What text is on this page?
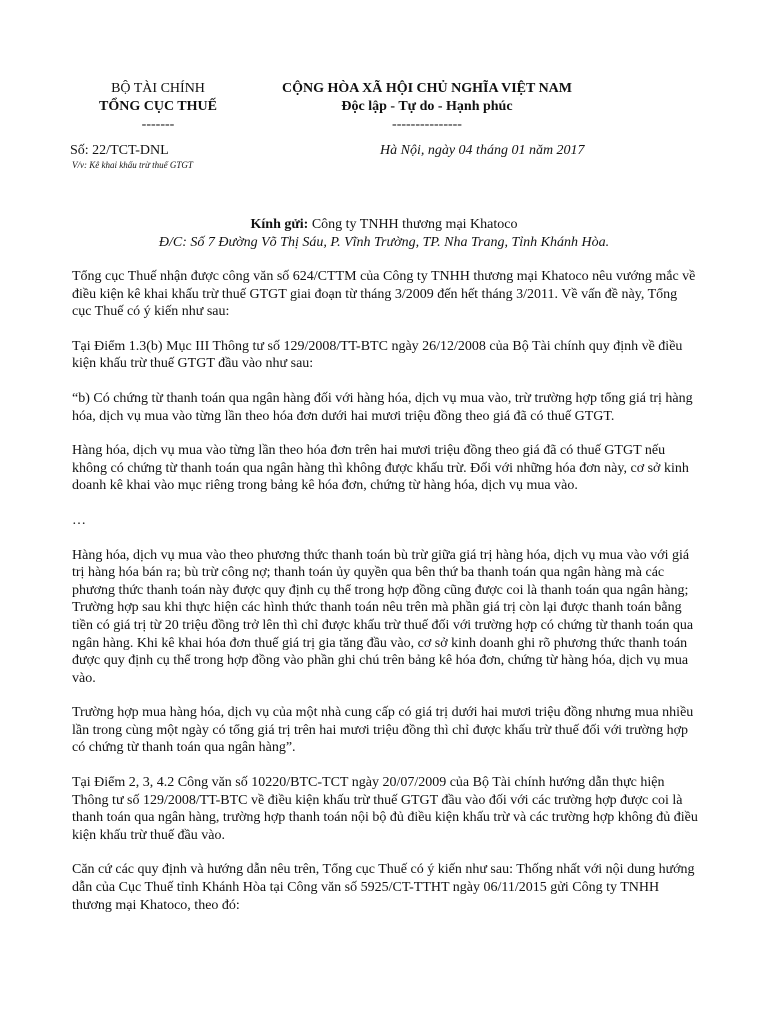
BỘ TÀI CHÍNH
TỔNG CỤC THUẾ
-------
CỘNG HÒA XÃ HỘI CHỦ NGHĨA VIỆT NAM
Độc lập - Tự do - Hạnh phúc
---------------
Số: 22/TCT-DNL
V/v: Kê khai khấu trừ thuế GTGT
Hà Nội, ngày 04 tháng 01 năm 2017
Kính gửi: Công ty TNHH thương mại Khatoco
Đ/C: Số 7 Đường Võ Thị Sáu, P. Vĩnh Trường, TP. Nha Trang, Tỉnh Khánh Hòa.

Tổng cục Thuế nhận được công văn số 624/CTTM của Công ty TNHH thương mại Khatoco nêu vướng mắc về điều kiện kê khai khấu trừ thuế GTGT giai đoạn từ tháng 3/2009 đến hết tháng 3/2011. Về vấn đề này, Tổng cục Thuế có ý kiến như sau:

Tại Điểm 1.3(b) Mục III Thông tư số 129/2008/TT-BTC ngày 26/12/2008 của Bộ Tài chính quy định về điều kiện khấu trừ thuế GTGT đầu vào như sau:

“b) Có chứng từ thanh toán qua ngân hàng đối với hàng hóa, dịch vụ mua vào, trừ trường hợp tổng giá trị hàng hóa, dịch vụ mua vào từng lần theo hóa đơn dưới hai mươi triệu đồng theo giá đã có thuế GTGT.

Hàng hóa, dịch vụ mua vào từng lần theo hóa đơn trên hai mươi triệu đồng theo giá đã có thuế GTGT nếu không có chứng từ thanh toán qua ngân hàng thì không được khấu trừ. Đối với những hóa đơn này, cơ sở kinh doanh kê khai vào mục riêng trong bảng kê hóa đơn, chứng từ hàng hóa, dịch vụ mua vào.

…

Hàng hóa, dịch vụ mua vào theo phương thức thanh toán bù trừ giữa giá trị hàng hóa, dịch vụ mua vào với giá trị hàng hóa bán ra; bù trừ công nợ; thanh toán ủy quyền qua bên thứ ba thanh toán qua ngân hàng mà các phương thức thanh toán này được quy định cụ thể trong hợp đồng cũng được coi là thanh toán qua ngân hàng; Trường hợp sau khi thực hiện các hình thức thanh toán nêu trên mà phần giá trị còn lại được thanh toán bằng tiền có giá trị từ 20 triệu đồng trở lên thì chỉ được khấu trừ thuế đối với trường hợp có chứng từ thanh toán qua ngân hàng. Khi kê khai hóa đơn thuế giá trị gia tăng đầu vào, cơ sở kinh doanh ghi rõ phương thức thanh toán được quy định cụ thể trong hợp đồng vào phần ghi chú trên bảng kê hóa đơn, chứng từ hàng hóa, dịch vụ mua vào.

Trường hợp mua hàng hóa, dịch vụ của một nhà cung cấp có giá trị dưới hai mươi triệu đồng nhưng mua nhiều lần trong cùng một ngày có tổng giá trị trên hai mươi triệu đồng thì chỉ được khấu trừ thuế đối với trường hợp có chứng từ thanh toán qua ngân hàng”.

Tại Điểm 2, 3, 4.2 Công văn số 10220/BTC-TCT ngày 20/07/2009 của Bộ Tài chính hướng dẫn thực hiện Thông tư số 129/2008/TT-BTC về điều kiện khấu trừ thuế GTGT đầu vào đối với các trường hợp được coi là thanh toán qua ngân hàng, trường hợp thanh toán nội bộ đủ điều kiện khấu trừ và các trường hợp không đủ điều kiện khấu trừ thuế đầu vào.

Căn cứ các quy định và hướng dẫn nêu trên, Tổng cục Thuế có ý kiến như sau: Thống nhất với nội dung hướng dẫn của Cục Thuế tỉnh Khánh Hòa tại Công văn số 5925/CT-TTHT ngày 06/11/2015 gửi Công ty TNHH thương mại Khatoco, theo đó:
